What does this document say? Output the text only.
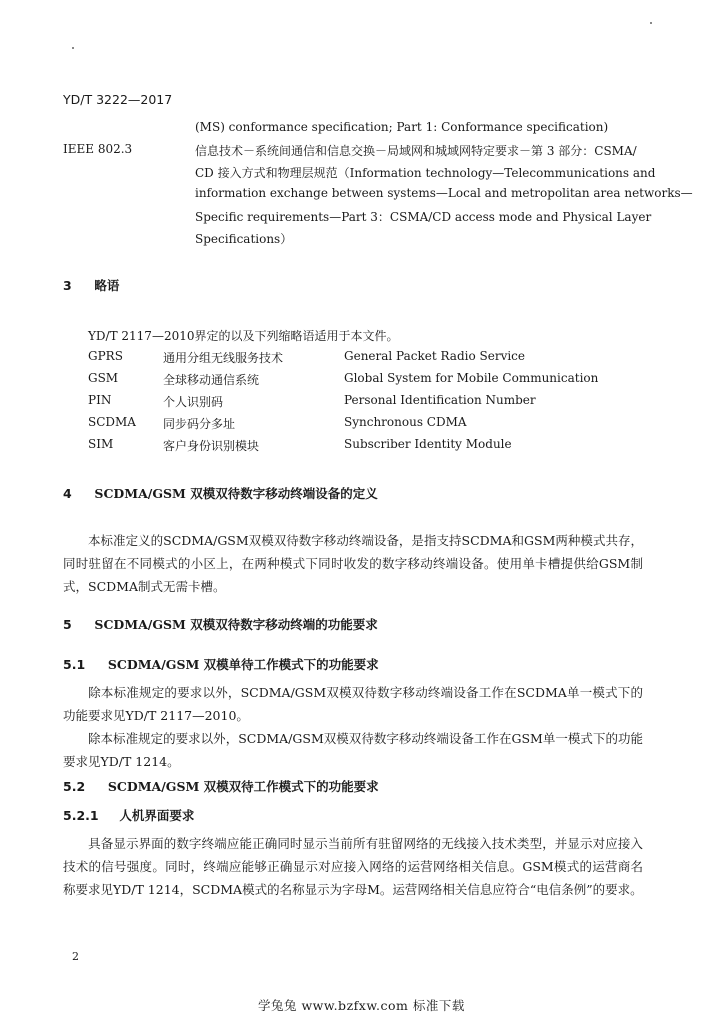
YD/T 3222—2017
(MS) conformance specification; Part 1: Conformance specification)
IEEE 802.3	信息技术－系统间通信和信息交换－局域网和城域网特定要求－第 3 部分：CSMA/
CD 接入方式和物理层规范（Information technology—Telecommunications and
information exchange between systems—Local and metropolitan area networks—
Specific requirements—Part 3：CSMA/CD access mode and Physical Layer
Specifications）
3 略语
YD/T 2117—2010界定的以及下列缩略语适用于本文件。
GPRS	通用分组无线服务技术	General Packet Radio Service
GSM	全球移动通信系统	Global System for Mobile Communication
PIN	个人识别码	Personal Identification Number
SCDMA 同步码分多址	Synchronous CDMA
SIM	客户身份识别模块	Subscriber Identity Module
4 SCDMA/GSM 双模双待数字移动终端设备的定义
本标准定义的SCDMA/GSM双模双待数字移动终端设备，是指支持SCDMA和GSM两种模式共存，同时驻留在不同模式的小区上，在两种模式下同时收发的数字移动终端设备。使用单卡槽提供给GSM制式，SCDMA制式无需卡槽。
5 SCDMA/GSM 双模双待数字移动终端的功能要求
5.1 SCDMA/GSM 双模单待工作模式下的功能要求
除本标准规定的要求以外，SCDMA/GSM双模双待数字移动终端设备工作在SCDMA单一模式下的功能要求见YD/T 2117—2010。
除本标准规定的要求以外，SCDMA/GSM双模双待数字移动终端设备工作在GSM单一模式下的功能要求见YD/T 1214。
5.2 SCDMA/GSM 双模双待工作模式下的功能要求
5.2.1 人机界面要求
具备显示界面的数字终端应能正确同时显示当前所有驻留网络的无线接入技术类型，并显示对应接入技术的信号强度。同时，终端应能够正确显示对应接入网络的运营网络相关信息。GSM模式的运营商名称要求见YD/T 1214，SCDMA模式的名称显示为字母M。运营网络相关信息应符合“电信条例”的要求。
2
学兔兔 www.bzfxw.com 标准下载
